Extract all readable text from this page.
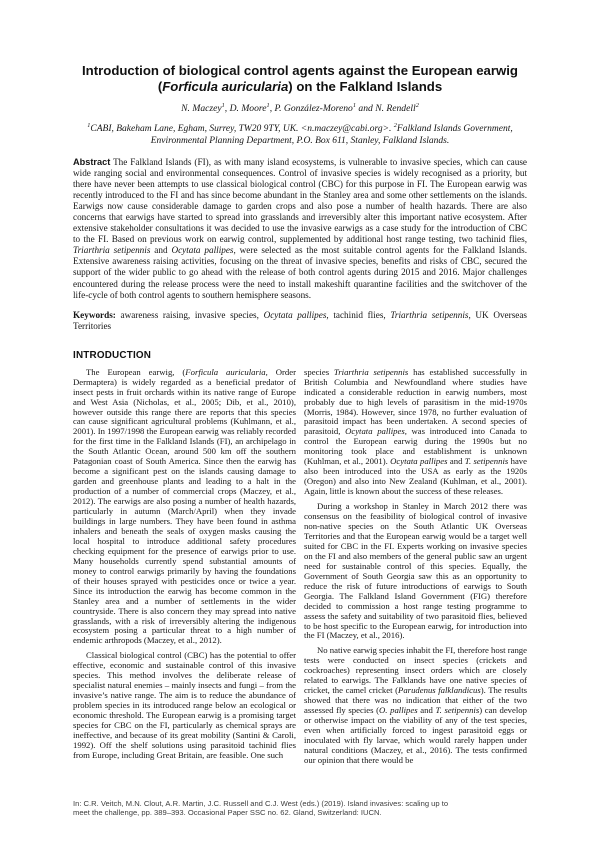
Introduction of biological control agents against the European earwig (Forficula auricularia) on the Falkland Islands
N. Maczey$^1$, D. Moore$^1$, P. González-Moreno$^1$ and N. Rendell$^2$
$^1$CABI, Bakeham Lane, Egham, Surrey, TW20 9TY, UK. <n.maczey@cabi.org>. $^2$Falkland Islands Government, Environmental Planning Department, P.O. Box 611, Stanley, Falkland Islands.

Abstract The Falkland Islands (FI), as with many island ecosystems, is vulnerable to invasive species, which can cause wide ranging social and environmental consequences. Control of invasive species is widely recognised as a priority, but there have never been attempts to use classical biological control (CBC) for this purpose in FI. The European earwig was recently introduced to the FI and has since become abundant in the Stanley area and some other settlements on the islands. Earwigs now cause considerable damage to garden crops and also pose a number of health hazards. There are also concerns that earwigs have started to spread into grasslands and irreversibly alter this important native ecosystem. After extensive stakeholder consultations it was decided to use the invasive earwigs as a case study for the introduction of CBC to the FI. Based on previous work on earwig control, supplemented by additional host range testing, two tachinid flies, Triarthria setipennis and Ocytata pallipes, were selected as the most suitable control agents for the Falkland Islands. Extensive awareness raising activities, focusing on the threat of invasive species, benefits and risks of CBC, secured the support of the wider public to go ahead with the release of both control agents during 2015 and 2016. Major challenges encountered during the release process were the need to install makeshift quarantine facilities and the switchover of the life-cycle of both control agents to southern hemisphere seasons.

Keywords: awareness raising, invasive species, Ocytata pallipes, tachinid flies, Triarthria setipennis, UK Overseas Territories

INTRODUCTION

The European earwig, (Forficula auricularia, Order Dermaptera) is widely regarded as a beneficial predator of insect pests in fruit orchards within its native range of Europe and West Asia (Nicholas, et al., 2005; Dib, et al., 2010), however outside this range there are reports that this species can cause significant agricultural problems (Kuhlmann, et al., 2001). In 1997/1998 the European earwig was reliably recorded for the first time in the Falkland Islands (FI), an archipelago in the South Atlantic Ocean, around 500 km off the southern Patagonian coast of South America. Since then the earwig has become a significant pest on the islands causing damage to garden and greenhouse plants and leading to a halt in the production of a number of commercial crops (Maczey, et al., 2012). The earwigs are also posing a number of health hazards, particularly in autumn (March/April) when they invade buildings in large numbers. They have been found in asthma inhalers and beneath the seals of oxygen masks causing the local hospital to introduce additional safety procedures checking equipment for the presence of earwigs prior to use. Many households currently spend substantial amounts of money to control earwigs primarily by having the foundations of their houses sprayed with pesticides once or twice a year. Since its introduction the earwig has become common in the Stanley area and a number of settlements in the wider countryside. There is also concern they may spread into native grasslands, with a risk of irreversibly altering the indigenous ecosystem posing a particular threat to a high number of endemic arthropods (Maczey, et al., 2012).

Classical biological control (CBC) has the potential to offer effective, economic and sustainable control of this invasive species. This method involves the deliberate release of specialist natural enemies – mainly insects and fungi – from the invasive’s native range. The aim is to reduce the abundance of problem species in its introduced range below an ecological or economic threshold. The European earwig is a promising target species for CBC on the FI, particularly as chemical sprays are ineffective, and because of its great mobility (Santini & Caroli, 1992). Off the shelf solutions using parasitoid tachinid flies from Europe, including Great Britain, are feasible. One such

species Triarthria setipennis has established successfully in British Columbia and Newfoundland where studies have indicated a considerable reduction in earwig numbers, most probably due to high levels of parasitism in the mid-1970s (Morris, 1984). However, since 1978, no further evaluation of parasitoid impact has been undertaken. A second species of parasitoid, Ocytata pallipes, was introduced into Canada to control the European earwig during the 1990s but no monitoring took place and establishment is unknown (Kuhlman, et al., 2001). Ocytata pallipes and T. setipennis have also been introduced into the USA as early as the 1920s (Oregon) and also into New Zealand (Kuhlman, et al., 2001). Again, little is known about the success of these releases.

During a workshop in Stanley in March 2012 there was consensus on the feasibility of biological control of invasive non-native species on the South Atlantic UK Overseas Territories and that the European earwig would be a target well suited for CBC in the FI. Experts working on invasive species on the FI and also members of the general public saw an urgent need for sustainable control of this species. Equally, the Government of South Georgia saw this as an opportunity to reduce the risk of future introductions of earwigs to South Georgia. The Falkland Island Government (FIG) therefore decided to commission a host range testing programme to assess the safety and suitability of two parasitoid flies, believed to be host specific to the European earwig, for introduction into the FI (Maczey, et al., 2016).

No native earwig species inhabit the FI, therefore host range tests were conducted on insect species (crickets and cockroaches) representing insect orders which are closely related to earwigs. The Falklands have one native species of cricket, the camel cricket (Parudenus falklandicus). The results showed that there was no indication that either of the two assessed fly species (O. pallipes and T. setipennis) can develop or otherwise impact on the viability of any of the test species, even when artificially forced to ingest parasitoid eggs or inoculated with fly larvae, which would rarely happen under natural conditions (Maczey, et al., 2016). The tests confirmed our opinion that there would be

In: C.R. Veitch, M.N. Clout, A.R. Martin, J.C. Russell and C.J. West (eds.) (2019). Island invasives: scaling up to meet the challenge, pp. 389–393. Occasional Paper SSC no. 62. Gland, Switzerland: IUCN.
